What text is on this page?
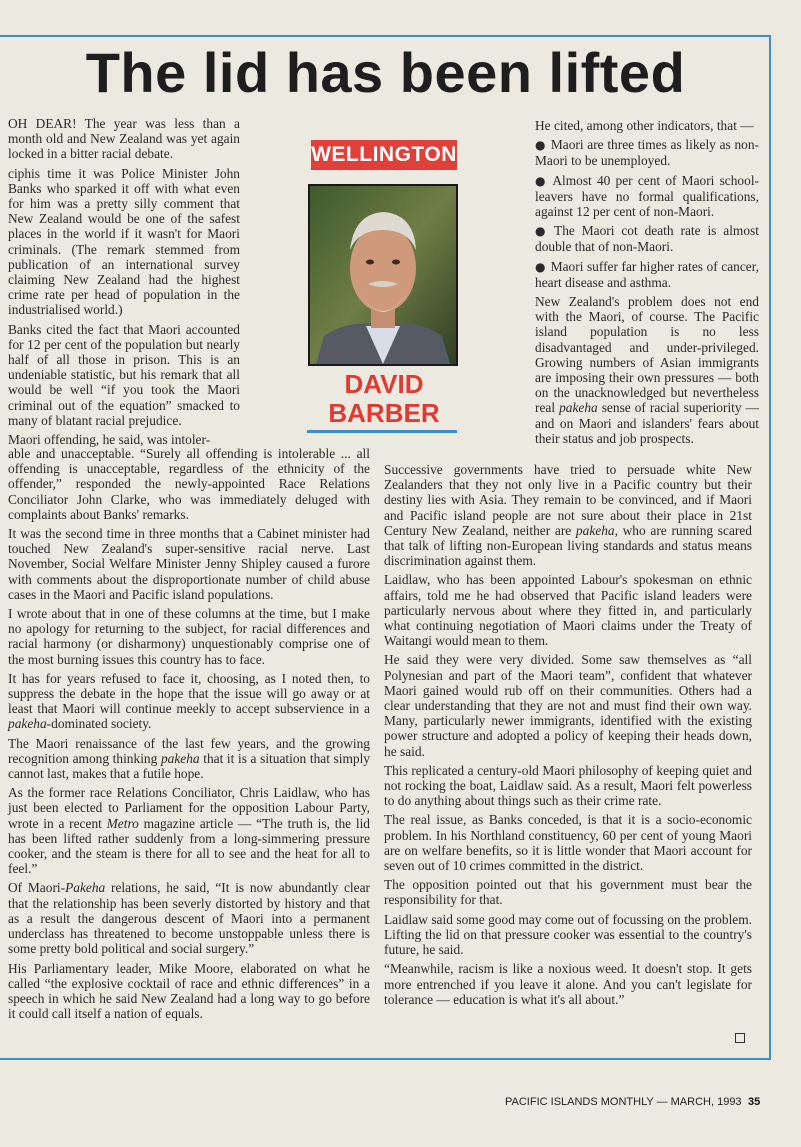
The lid has been lifted

OH DEAR! The year was less than a month old and New Zealand was yet again locked in a bitter racial debate.

ciphis time it was Police Minister John Banks who sparked it off with what even for him was a pretty silly comment that New Zealand would be one of the safest places in the world if it wasn't for Maori criminals. (The remark stemmed from publication of an international survey claiming New Zealand had the highest crime rate per head of population in the industrialised world.)

Banks cited the fact that Maori accounted for 12 per cent of the population but nearly half of all those in prison. This is an undeniable statistic, but his remark that all would be well “if you took the Maori criminal out of the equation” smacked to many of blatant racial prejudice.

Maori offending, he said, was intoler-

WELLINGTON
DAVID
BARBER

He cited, among other indicators, that —

● Maori are three times as likely as non-Maori to be unemployed.

● Almost 40 per cent of Maori school-leavers have no formal qualifications, against 12 per cent of non-Maori.

● The Maori cot death rate is almost double that of non-Maori.

● Maori suffer far higher rates of cancer, heart disease and asthma.

New Zealand's problem does not end with the Maori, of course. The Pacific island population is no less disadvantaged and under-privileged. Growing numbers of Asian immigrants are imposing their own pressures — both on the unacknowledged but nevertheless real pakeha sense of racial superiority — and on Maori and islanders' fears about their status and job prospects.

able and unacceptable. “Surely all offending is intolerable ... all offending is unacceptable, regardless of the ethnicity of the offender,” responded the newly-appointed Race Relations Conciliator John Clarke, who was immediately deluged with complaints about Banks' remarks.

It was the second time in three months that a Cabinet minister had touched New Zealand's super-sensitive racial nerve. Last November, Social Welfare Minister Jenny Shipley caused a furore with comments about the disproportionate number of child abuse cases in the Maori and Pacific island populations.

I wrote about that in one of these columns at the time, but I make no apology for returning to the subject, for racial differences and racial harmony (or disharmony) unquestionably comprise one of the most burning issues this country has to face.

It has for years refused to face it, choosing, as I noted then, to suppress the debate in the hope that the issue will go away or at least that Maori will continue meekly to accept subservience in a pakeha-dominated society.

The Maori renaissance of the last few years, and the growing recognition among thinking pakeha that it is a situation that simply cannot last, makes that a futile hope.

As the former race Relations Conciliator, Chris Laidlaw, who has just been elected to Parliament for the opposition Labour Party, wrote in a recent Metro magazine article — “The truth is, the lid has been lifted rather suddenly from a long-simmering pressure cooker, and the steam is there for all to see and the heat for all to feel.”

Of Maori-Pakeha relations, he said, “It is now abundantly clear that the relationship has been severly distorted by history and that as a result the dangerous descent of Maori into a permanent underclass has threatened to become unstoppable unless there is some pretty bold political and social surgery.”

His Parliamentary leader, Mike Moore, elaborated on what he called “the explosive cocktail of race and ethnic differences” in a speech in which he said New Zealand had a long way to go before it could call itself a nation of equals.

Successive governments have tried to persuade white New Zealanders that they not only live in a Pacific country but their destiny lies with Asia. They remain to be convinced, and if Maori and Pacific island people are not sure about their place in 21st Century New Zealand, neither are pakeha, who are running scared that talk of lifting non-European living standards and status means discrimination against them.

Laidlaw, who has been appointed Labour's spokesman on ethnic affairs, told me he had observed that Pacific island leaders were particularly nervous about where they fitted in, and particularly what continuing negotiation of Maori claims under the Treaty of Waitangi would mean to them.

He said they were very divided. Some saw themselves as “all Polynesian and part of the Maori team”, confident that whatever Maori gained would rub off on their communities. Others had a clear understanding that they are not and must find their own way. Many, particularly newer immigrants, identified with the existing power structure and adopted a policy of keeping their heads down, he said.

This replicated a century-old Maori philosophy of keeping quiet and not rocking the boat, Laidlaw said. As a result, Maori felt powerless to do anything about things such as their crime rate.

The real issue, as Banks conceded, is that it is a socio-economic problem. In his Northland constituency, 60 per cent of young Maori are on welfare benefits, so it is little wonder that Maori account for seven out of 10 crimes committed in the district.

The opposition pointed out that his government must bear the responsibility for that.

Laidlaw said some good may come out of focussing on the problem. Lifting the lid on that pressure cooker was essential to the country's future, he said.

“Meanwhile, racism is like a noxious weed. It doesn't stop. It gets more entrenched if you leave it alone. And you can't legislate for tolerance — education is what it's all about.”

PACIFIC ISLANDS MONTHLY — MARCH, 1993 35
